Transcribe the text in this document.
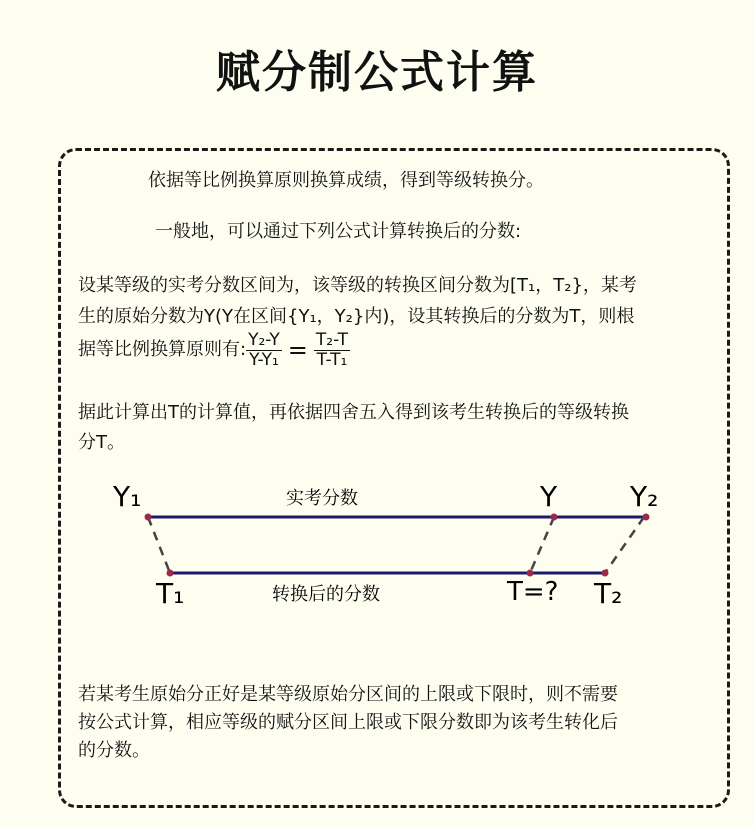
赋分制公式计算
依据等比例换算原则换算成绩，得到等级转换分。
一般地，可以通过下列公式计算转换后的分数:
设某等级的实考分数区间为，该等级的转换区间分数为[T₁，T₂}，某考
生的原始分数为Y(Y在区间{Y₁，Y₂}内)，设其转换后的分数为T，则根
据等比例换算原则有: $\frac{\text{Y₂-Y}}{\text{Y-Y₁}} = \frac{\text{T₂-T}}{\text{T-T₁}}$
据此计算出T的计算值，再依据四舍五入得到该考生转换后的等级转换
分T。
Y₁	实考分数	Y	Y₂
T₁	转换后的分数	T=? T₂
若某考生原始分正好是某等级原始分区间的上限或下限时，则不需要
按公式计算，相应等级的赋分区间上限或下限分数即为该考生转化后
的分数。
